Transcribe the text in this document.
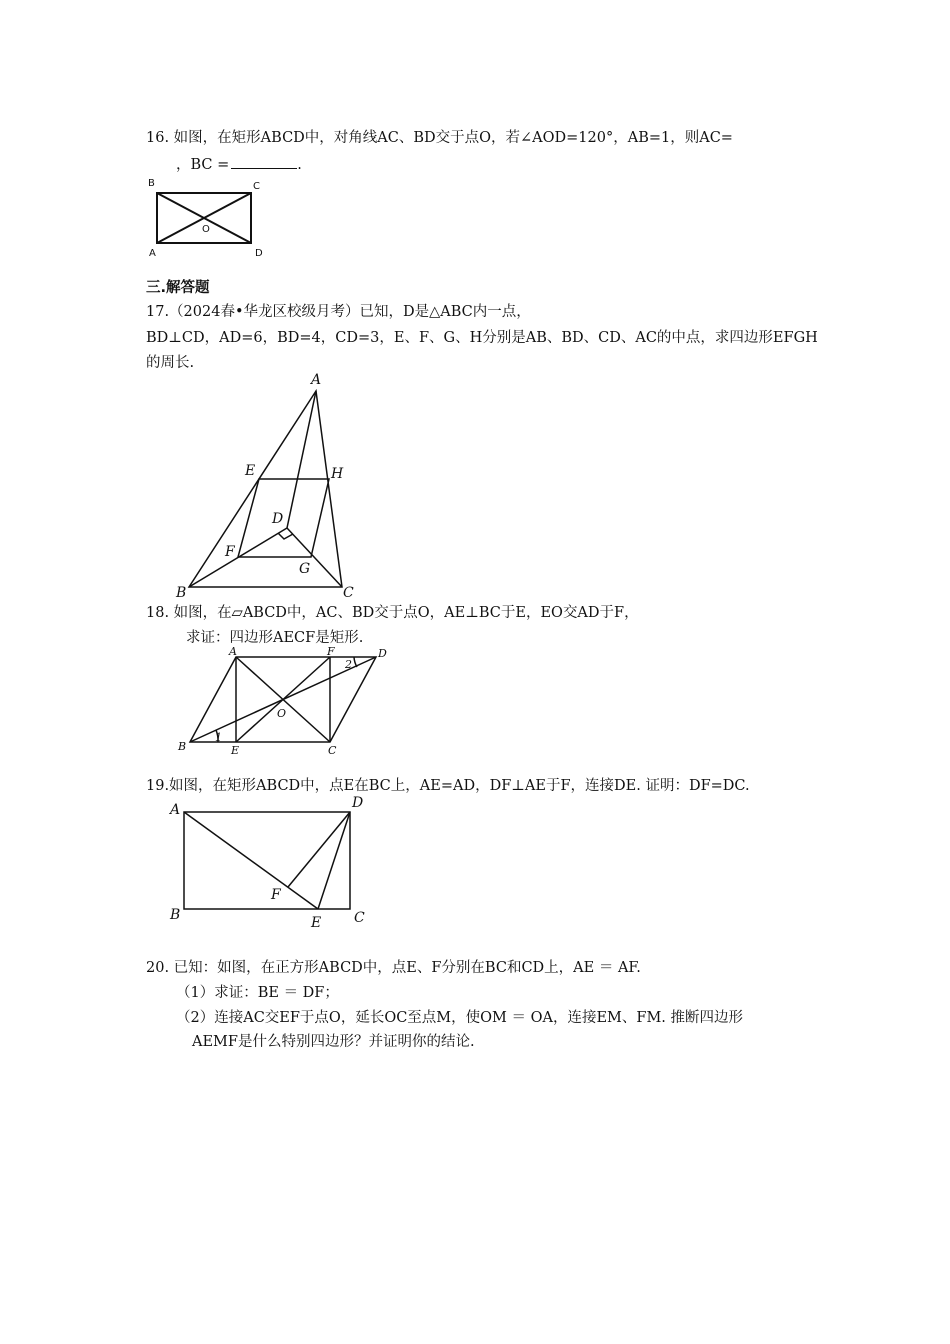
16. 如图，在矩形ABCD中，对角线AC、BD交于点O，若∠AOD=120°，AB=1，则AC=
，BC =	.
B	C
O
A	D
三.解答题
17.（2024春•华龙区校级月考）已知，D是△ABC内一点，
BD⊥CD，AD=6，BD=4，CD=3，E、F、G、H分别是AB、BD、CD、AC的中点，求四边形EFGH
的周长.
A
E	H
D
F
G
B	C
18. 如图，在▱ABCD中，AC、BD交于点O，AE⊥BC于E，EO交AD于F，
求证：四边形AECF是矩形.
A	F
2
D
O
B
1
E	C
19.如图，在矩形ABCD中，点E在BC上，AE=AD，DF⊥AE于F，连接DE. 证明：DF=DC.
A	D
F
B	E C
20. 已知：如图，在正方形ABCD中，点E、F分别在BC和CD上，AE ＝ AF.
（1）求证：BE ＝ DF；
（2）连接AC交EF于点O，延长OC至点M，使OM ＝ OA，连接EM、FM. 推断四边形
AEMF是什么特别四边形？并证明你的结论.
